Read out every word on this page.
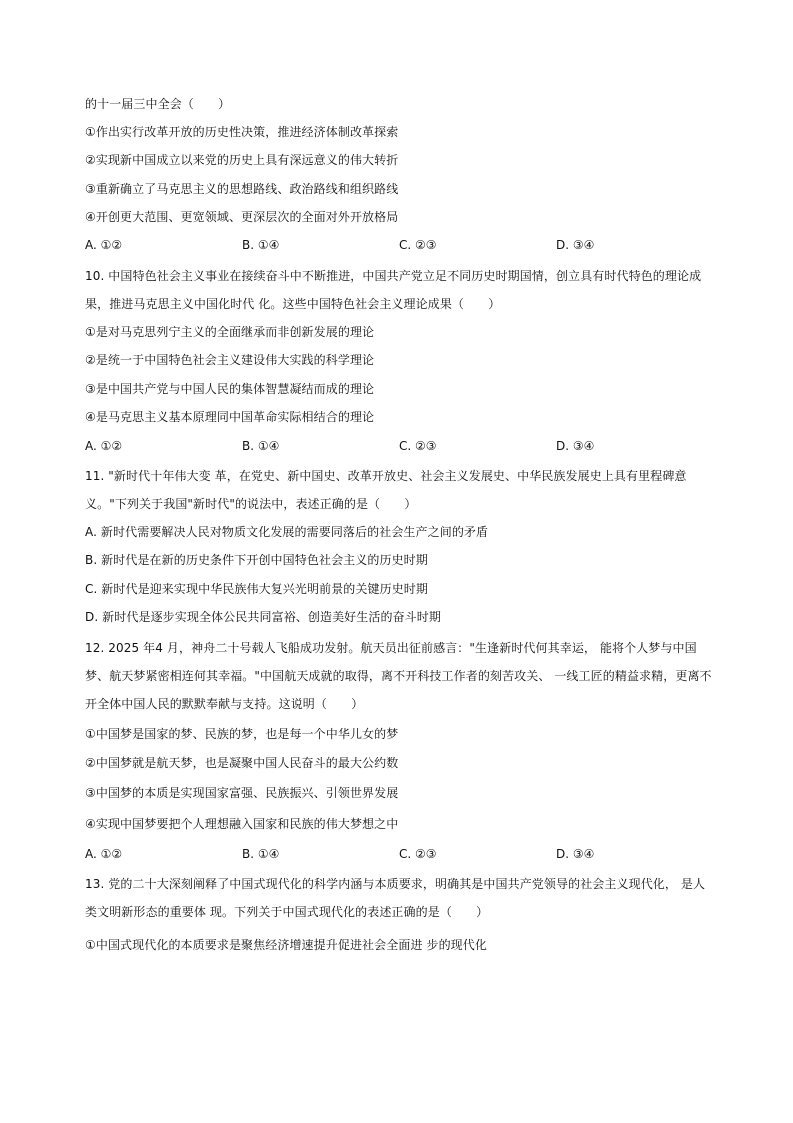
的十一届三中全会（　　）
①作出实行改革开放的历史性决策，推进经济体制改革探索
②实现新中国成立以来党的历史上具有深远意义的伟大转折
③重新确立了马克思主义的思想路线、政治路线和组织路线
④开创更大范围、更宽领域、更深层次的全面对外开放格局
A. ①②	B. ①④	C. ②③	D. ③④
10. 中国特色社会主义事业在接续奋斗中不断推进，中国共产党立足不同历史时期国情，创立具有时代特色的理论成果，推进马克思主义中国化时代 化。这些中国特色社会主义理论成果（　　）
①是对马克思列宁主义的全面继承而非创新发展的理论
②是统一于中国特色社会主义建设伟大实践的科学理论
③是中国共产党与中国人民的集体智慧凝结而成的理论
④是马克思主义基本原理同中国革命实际相结合的理论
A. ①②	B. ①④	C. ②③	D. ③④
11. "新时代十年伟大变 革，在党史、新中国史、改革开放史、社会主义发展史、中华民族发展史上具有里程碑意义。"下列关于我国"新时代"的说法中，表述正确的是（　　）
A. 新时代需要解决人民对物质文化发展的需要同落后的社会生产之间的矛盾
B. 新时代是在新的历史条件下开创中国特色社会主义的历史时期
C. 新时代是迎来实现中华民族伟大复兴光明前景的关键历史时期
D. 新时代是逐步实现全体公民共同富裕、创造美好生活的奋斗时期
12. 2025 年4 月，神舟二十号载人飞船成功发射。航天员出征前感言："生逢新时代何其幸运， 能将个人梦与中国梦、航天梦紧密相连何其幸福。"中国航天成就的取得，离不开科技工作者的刻苦攻关、 一线工匠的精益求精，更离不开全体中国人民的默默奉献与支持。这说明（　　）
①中国梦是国家的梦、民族的梦，也是每一个中华儿女的梦
②中国梦就是航天梦，也是凝聚中国人民奋斗的最大公约数
③中国梦的本质是实现国家富强、民族振兴、引领世界发展
④实现中国梦要把个人理想融入国家和民族的伟大梦想之中
A. ①②	B. ①④	C. ②③	D. ③④
13. 党的二十大深刻阐释了中国式现代化的科学内涵与本质要求，明确其是中国共产党领导的社会主义现代化， 是人类文明新形态的重要体 现。下列关于中国式现代化的表述正确的是（　　）
①中国式现代化的本质要求是聚焦经济增速提升促进社会全面进 步的现代化
